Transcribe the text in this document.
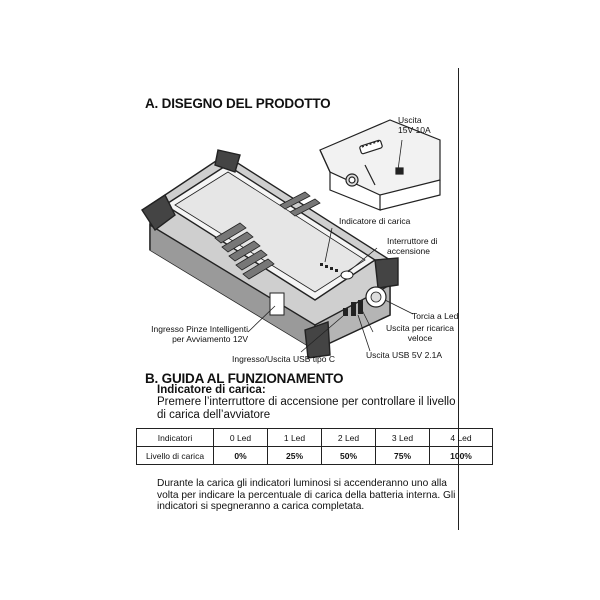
A. DISEGNO DEL PRODOTTO
Uscita
15V 10A
Indicatore di carica
Interruttore di
accensione
Torcia a Led
Uscita per ricarica
veloce
Uscita USB 5V 2.1A
Ingresso/Uscita USB tipo C
Ingresso Pinze Intelligenti
per Avviamento 12V
B. GUIDA AL FUNZIONAMENTO
Indicatore di carica:
Premere l’interruttore di accensione per controllare il livello di carica dell’avviatore
Indicatori	0 Led	1 Led	2 Led	3 Led	4 Led
Livello di carica	0%	25%	50%	75%	100%
Durante la carica gli indicatori luminosi si accenderanno uno alla volta per indicare la percentuale di carica della batteria interna. Gli indicatori si spegneranno a carica completata.
